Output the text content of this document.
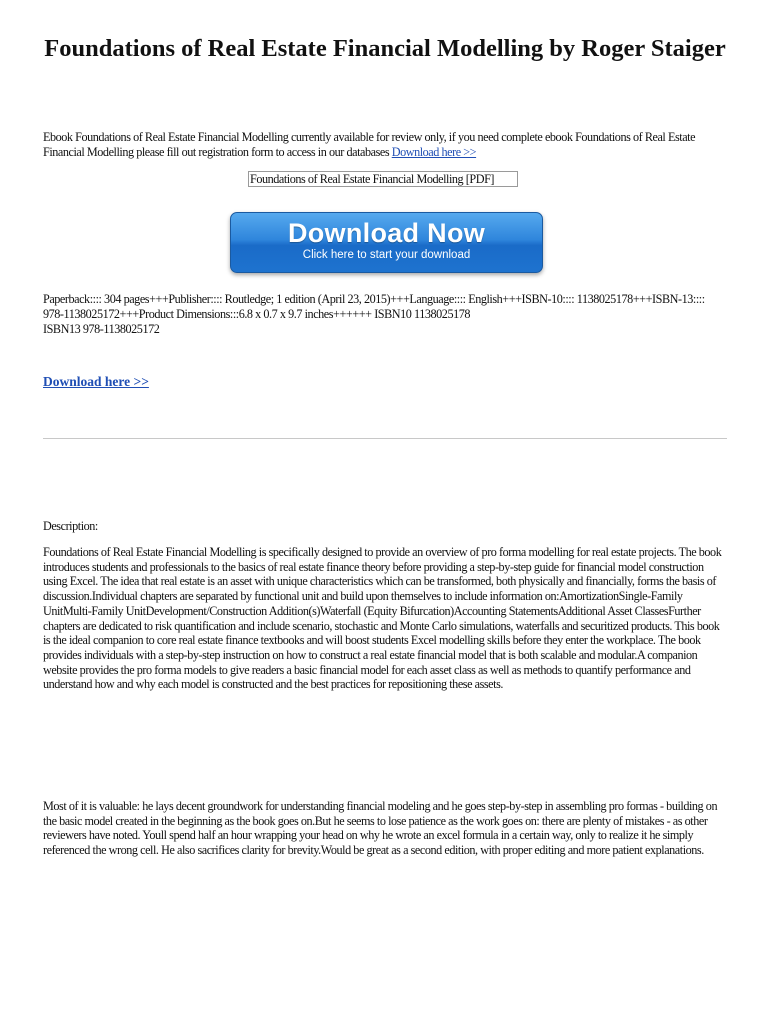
Foundations of Real Estate Financial Modelling by Roger Staiger
Ebook Foundations of Real Estate Financial Modelling currently available for review only, if you need complete ebook Foundations of Real Estate Financial Modelling please fill out registration form to access in our databases Download here >>
Foundations of Real Estate Financial Modelling [PDF]
Download Now
Click here to start your download
Paperback:::: 304 pages+++Publisher:::: Routledge; 1 edition (April 23, 2015)+++Language:::: English+++ISBN-10:::: 1138025178+++ISBN-13:::: 978-1138025172+++Product Dimensions:::6.8 x 0.7 x 9.7 inches++++++ ISBN10 1138025178
ISBN13 978-1138025172
Download here >>
Description:
Foundations of Real Estate Financial Modelling is specifically designed to provide an overview of pro forma modelling for real estate projects. The book introduces students and professionals to the basics of real estate finance theory before providing a step-by-step guide for financial model construction using Excel. The idea that real estate is an asset with unique characteristics which can be transformed, both physically and financially, forms the basis of discussion.Individual chapters are separated by functional unit and build upon themselves to include information on:AmortizationSingle-Family UnitMulti-Family UnitDevelopment/Construction Addition(s)Waterfall (Equity Bifurcation)Accounting StatementsAdditional Asset ClassesFurther chapters are dedicated to risk quantification and include scenario, stochastic and Monte Carlo simulations, waterfalls and securitized products. This book is the ideal companion to core real estate finance textbooks and will boost students Excel modelling skills before they enter the workplace. The book provides individuals with a step-by-step instruction on how to construct a real estate financial model that is both scalable and modular.A companion website provides the pro forma models to give readers a basic financial model for each asset class as well as methods to quantify performance and understand how and why each model is constructed and the best practices for repositioning these assets.
Most of it is valuable: he lays decent groundwork for understanding financial modeling and he goes step-by-step in assembling pro formas - building on the basic model created in the beginning as the book goes on.But he seems to lose patience as the work goes on: there are plenty of mistakes - as other reviewers have noted. Youll spend half an hour wrapping your head on why he wrote an excel formula in a certain way, only to realize it he simply referenced the wrong cell. He also sacrifices clarity for brevity.Would be great as a second edition, with proper editing and more patient explanations.
